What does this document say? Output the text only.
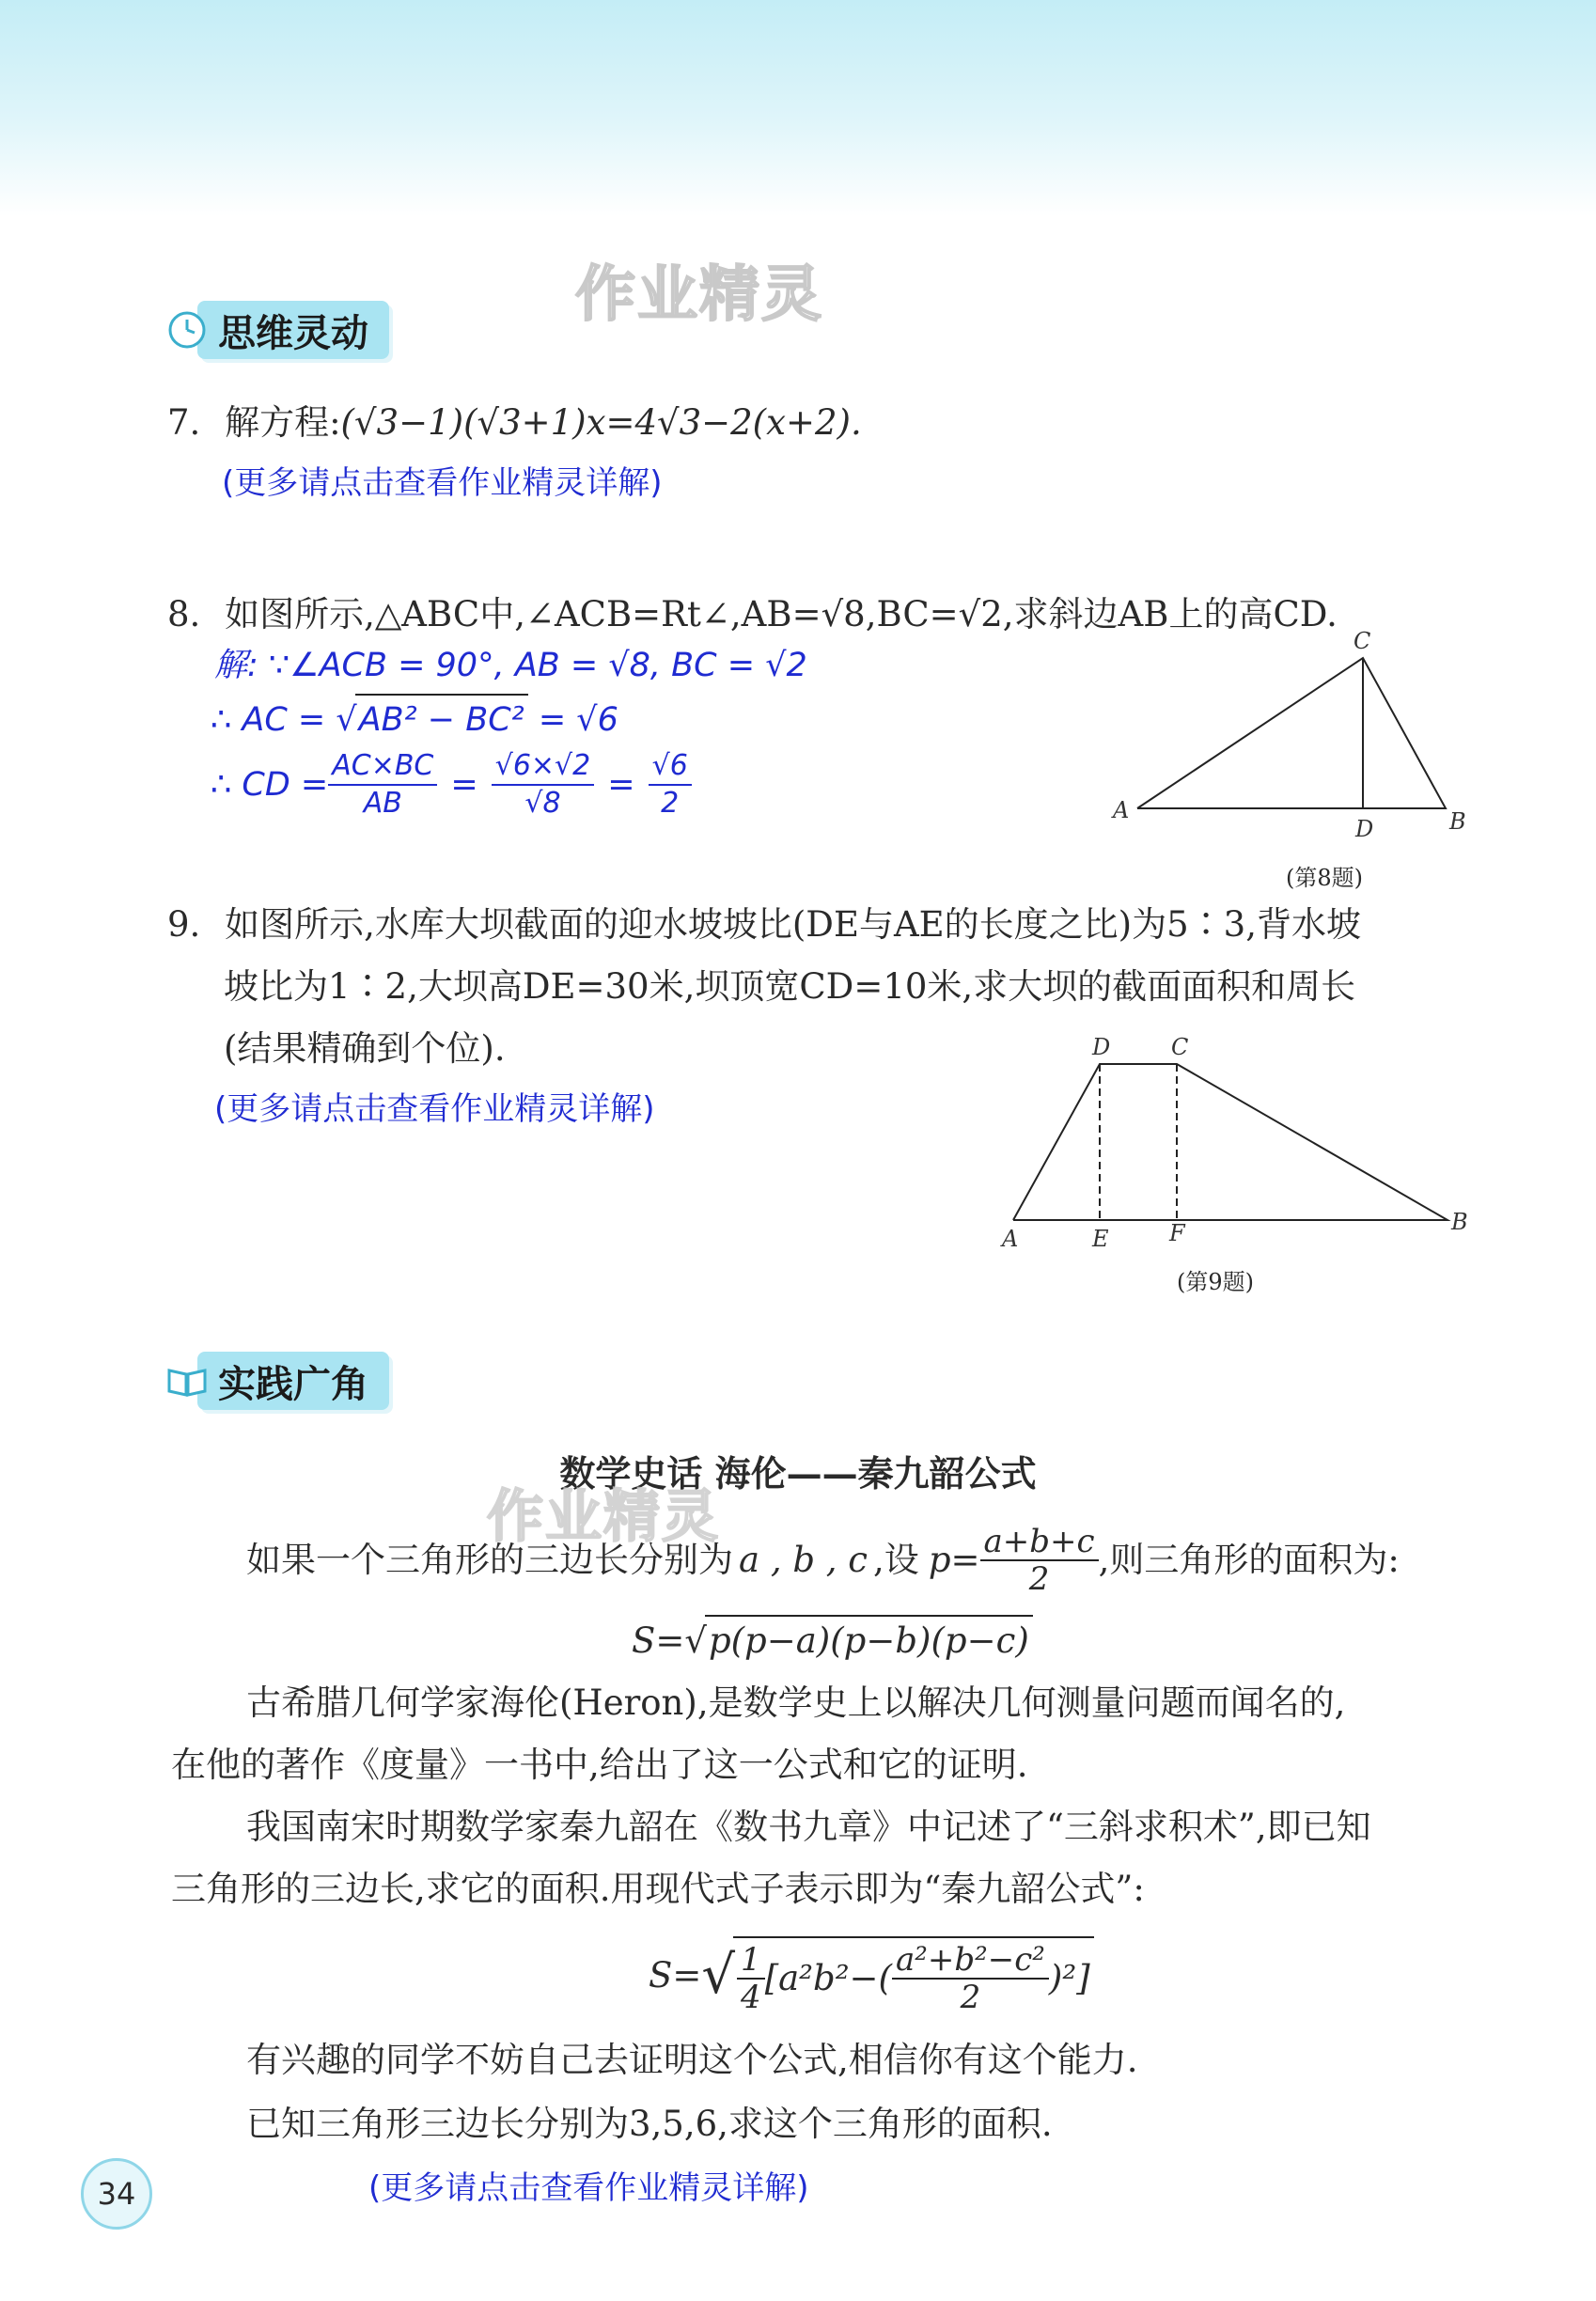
思维灵动
作业精灵
7. 解方程:(√3−1)(√3+1)x=4√3−2(x+2).
(更多请点击查看作业精灵详解)
8. 如图所示,△ABC中,∠ACB=Rt∠,AB=√8,BC=√2,求斜边AB上的高CD.
解: ∵∠ACB = 90°, AB = √8, BC = √2
∴ AC = √AB² − BC² = √6
∴ CD = $\frac{AC\times BC}{AB} = \frac{√6\times√2}{√8} = \frac{√6}{2}$	A	B
C
D
(第8题)
9. 如图所示,水库大坝截面的迎水坡坡比(DE与AE的长度之比)为5∶3,背水坡
坡比为1∶2,大坝高DE=30米,坝顶宽CD=10米,求大坝的截面面积和周长
(结果精确到个位).
(更多请点击查看作业精灵详解)
A
B
C
D
E	F
(第9题)
实践广角
数学史话 海伦——秦九韶公式
作业精灵
如果一个三角形的三边长分别为 a , b , c ,设 $p= \frac{a+b+c}{2}$ ,则三角形的面积为:
S=√p(p−a)(p−b)(p−c)
古希腊几何学家海伦(Heron),是数学史上以解决几何测量问题而闻名的,
在他的著作《度量》一书中,给出了这一公式和它的证明.
我国南宋时期数学家秦九韶在《数书九章》中记述了“三斜求积术”,即已知
三角形的三边长,求它的面积.用现代式子表示即为“秦九韶公式”:
S= √ $\frac{1}{4} [a^2b^2-( \frac{\text{a²+b²−c²}}{2} )^2]$
有兴趣的同学不妨自己去证明这个公式,相信你有这个能力.
已知三角形三边长分别为3,5,6,求这个三角形的面积.
(更多请点击查看作业精灵详解)
34
